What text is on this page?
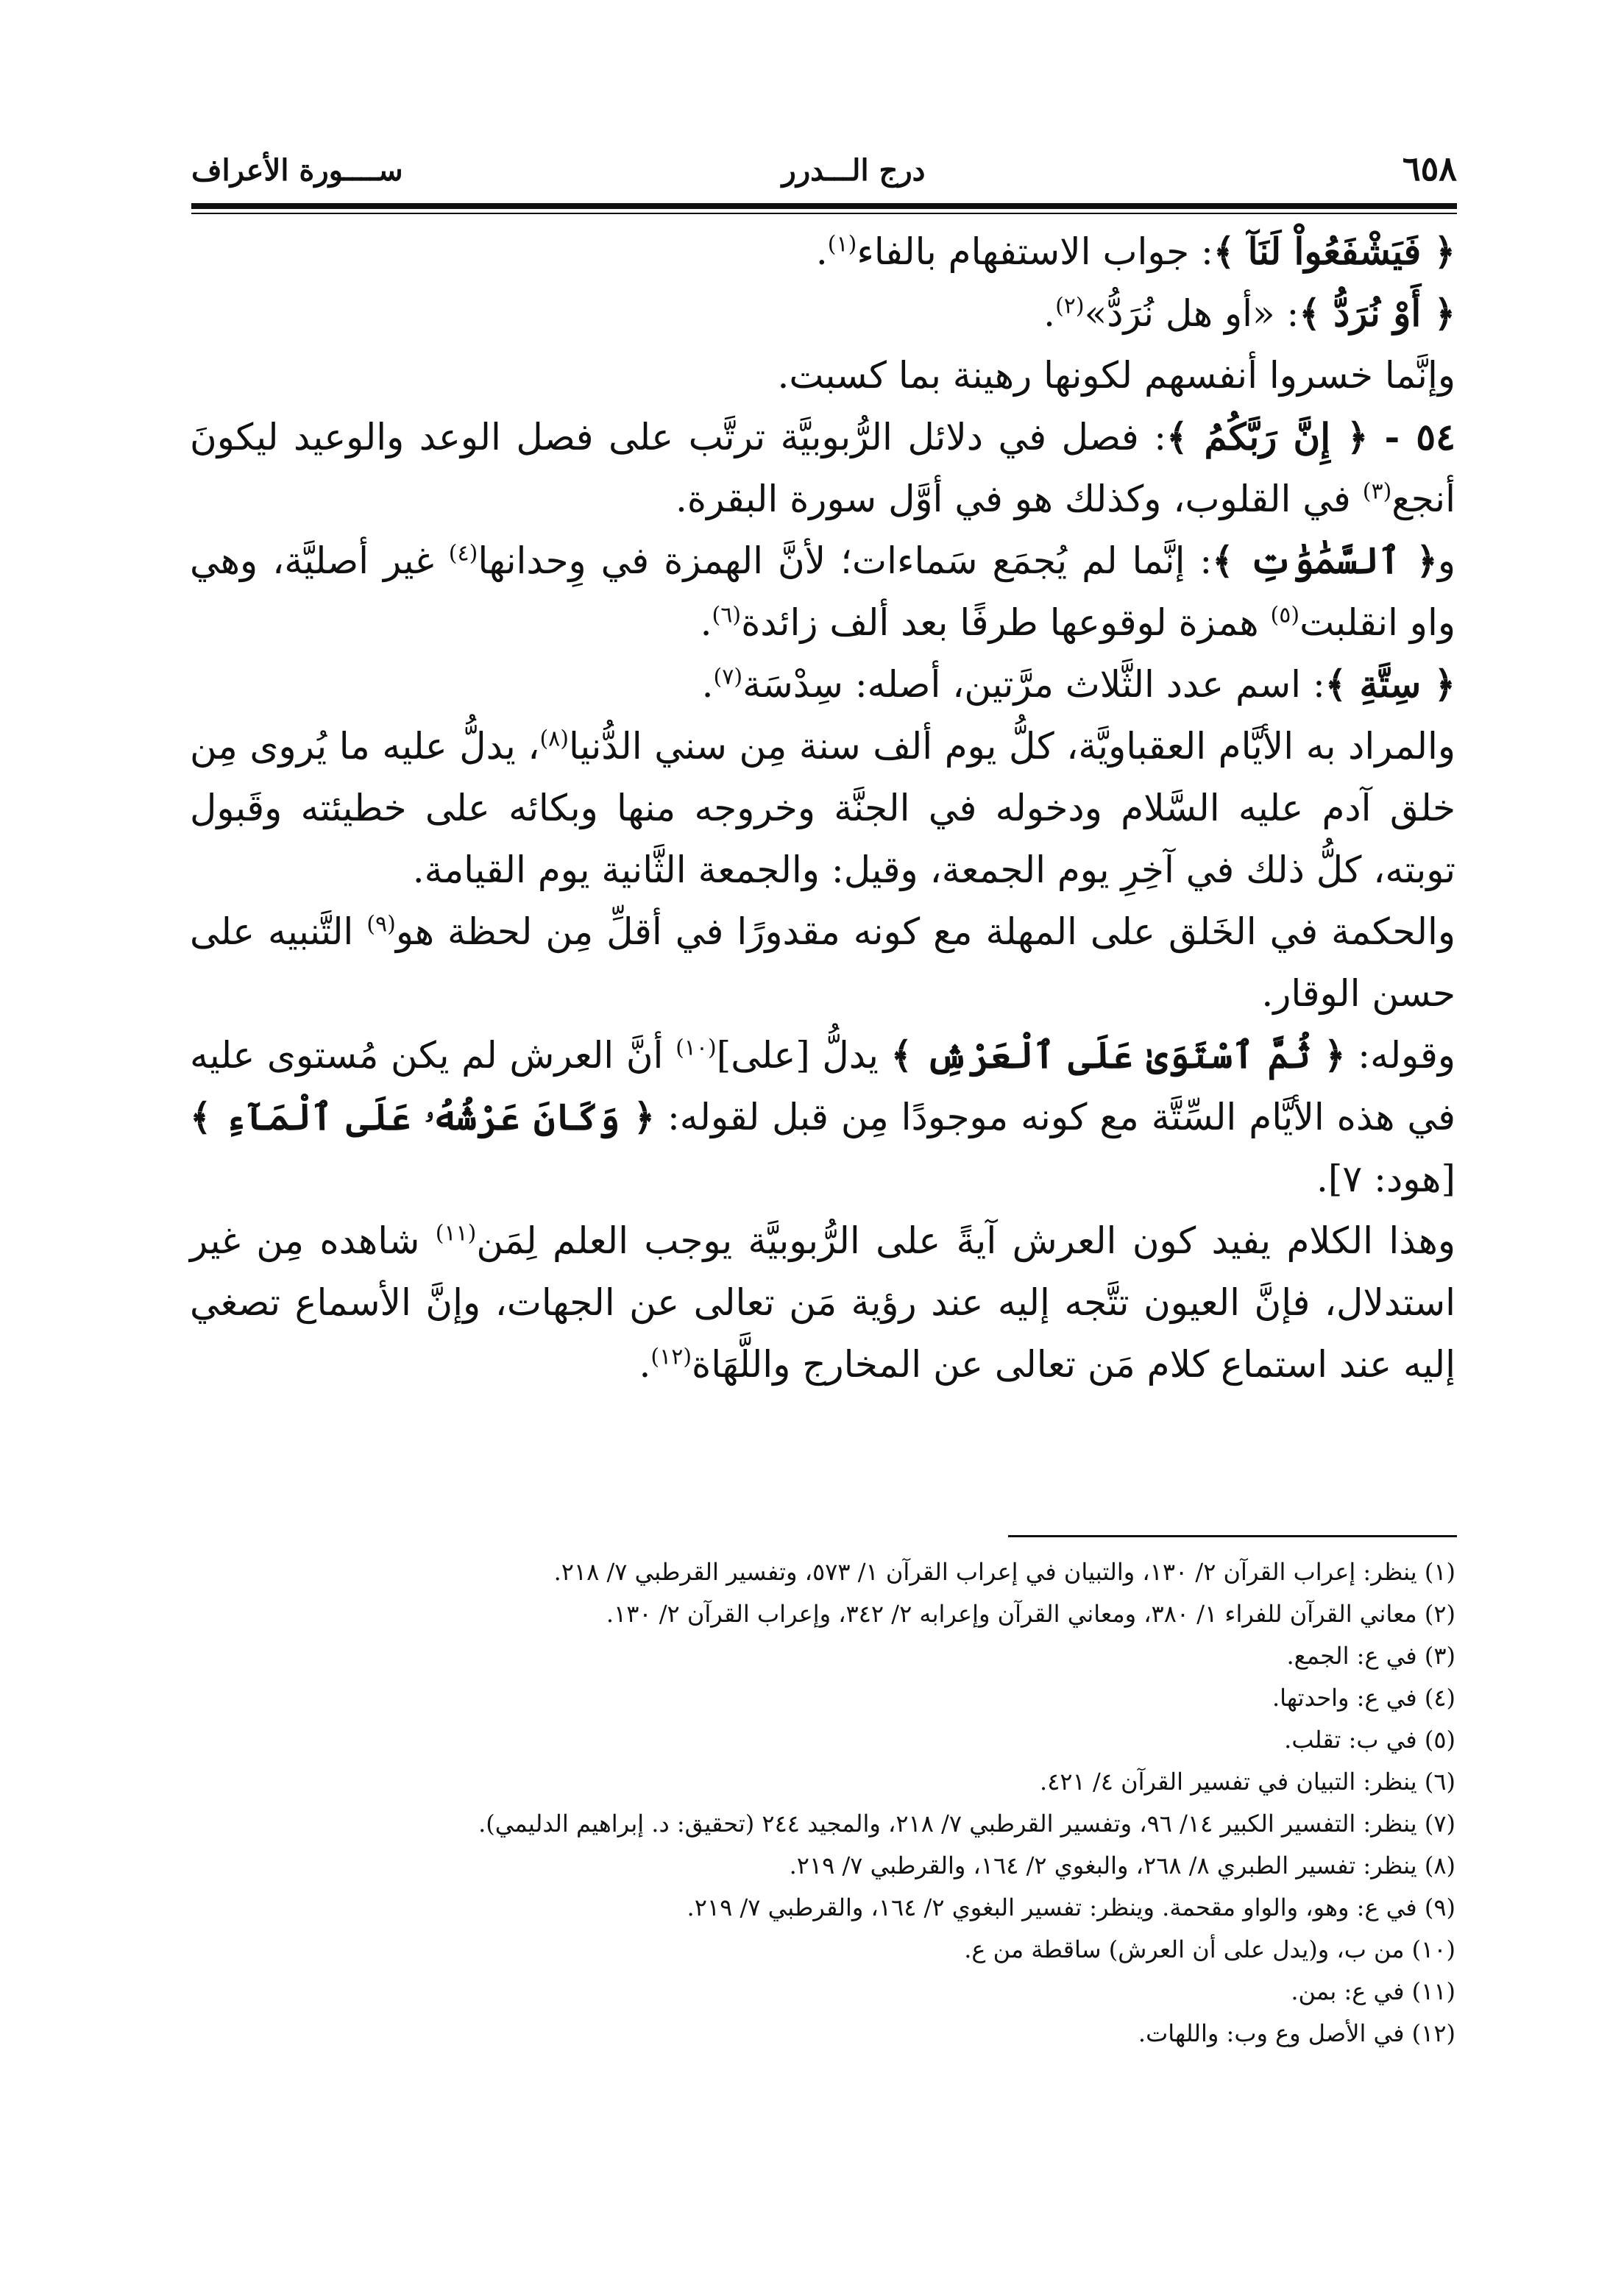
٦٥٨
درج الـــدرر
ســــورة الأعراف

﴿ فَيَشْفَعُواْ لَنَآ ﴾: جواب الاستفهام بالفاء$^{(١)}$.

﴿ أَوْ نُرَدُّ ﴾: «أو هل نُرَدُّ»$^{(٢)}$.

وإنَّما خسروا أنفسهم لكونها رهينة بما كسبت.

٥٤ - ﴿ إِنَّ رَبَّكُمُ ﴾: فصل في دلائل الرُّبوبيَّة ترتَّب على فصل الوعد والوعيد ليكونَ أنجع$^{(٣)}$ في القلوب، وكذلك هو في أوَّل سورة البقرة.

و﴿ ٱلسَّمَٰوَٰتِ ﴾: إنَّما لم يُجمَع سَماءات؛ لأنَّ الهمزة في وِحدانها$^{(٤)}$ غير أصليَّة، وهي واو انقلبت$^{(٥)}$ همزة لوقوعها طرفًا بعد ألف زائدة$^{(٦)}$.

﴿ سِتَّةِ ﴾: اسم عدد الثَّلاث مرَّتين، أصله: سِدْسَة$^{(٧)}$.

والمراد به الأيَّام العقباويَّة، كلُّ يوم ألف سنة مِن سني الدُّنيا$^{(٨)}$، يدلُّ عليه ما يُروى مِن خلق آدم عليه السَّلام ودخوله في الجنَّة وخروجه منها وبكائه على خطيئته وقَبول توبته، كلُّ ذلك في آخِرِ يوم الجمعة، وقيل: والجمعة الثَّانية يوم القيامة.

والحكمة في الخَلق على المهلة مع كونه مقدورًا في أقلِّ مِن لحظة هو$^{(٩)}$ التَّنبيه على حسن الوقار.

وقوله: ﴿ ثُمَّ ٱسْتَوَىٰ عَلَى ٱلْعَرْشِ ﴾ يدلُّ [على]$^{(١٠)}$ أنَّ العرش لم يكن مُستوى عليه في هذه الأيَّام السِّتَّة مع كونه موجودًا مِن قبل لقوله: ﴿ وَكَانَ عَرْشُهُۥ عَلَى ٱلْمَآءِ ﴾ [هود: ٧].

وهذا الكلام يفيد كون العرش آيةً على الرُّبوبيَّة يوجب العلم لِمَن$^{(١١)}$ شاهده مِن غير استدلال، فإنَّ العيون تتَّجه إليه عند رؤية مَن تعالى عن الجهات، وإنَّ الأسماع تصغي إليه عند استماع كلام مَن تعالى عن المخارج واللَّهَاة$^{(١٢)}$.

(١) ينظر: إعراب القرآن ٢/ ١٣٠، والتبيان في إعراب القرآن ١/ ٥٧٣، وتفسير القرطبي ٧/ ٢١٨.
(٢) معاني القرآن للفراء ١/ ٣٨٠، ومعاني القرآن وإعرابه ٢/ ٣٤٢، وإعراب القرآن ٢/ ١٣٠.
(٣) في ع: الجمع.
(٤) في ع: واحدتها.
(٥) في ب: تقلب.
(٦) ينظر: التبيان في تفسير القرآن ٤/ ٤٢١.
(٧) ينظر: التفسير الكبير ١٤/ ٩٦، وتفسير القرطبي ٧/ ٢١٨، والمجيد ٢٤٤ (تحقيق: د. إبراهيم الدليمي).
(٨) ينظر: تفسير الطبري ٨/ ٢٦٨، والبغوي ٢/ ١٦٤، والقرطبي ٧/ ٢١٩.
(٩) في ع: وهو، والواو مقحمة. وينظر: تفسير البغوي ٢/ ١٦٤، والقرطبي ٧/ ٢١٩.
(١٠) من ب، و(يدل على أن العرش) ساقطة من ع.
(١١) في ع: بمن.
(١٢) في الأصل وع وب: واللهات.
